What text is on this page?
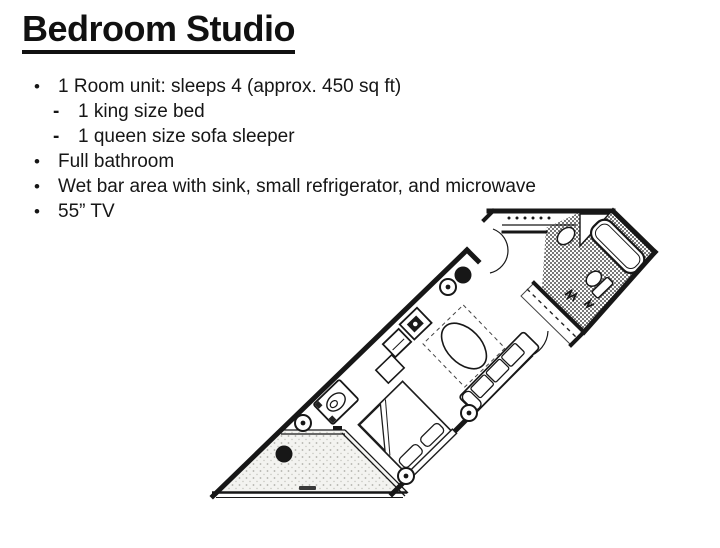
Bedroom Studio
• 1 Room unit: sleeps 4 (approx. 450 sq ft)
- 1 king size bed
- 1 queen size sofa sleeper
• Full bathroom
• Wet bar area with sink, small refrigerator, and microwave
• 55” TV
